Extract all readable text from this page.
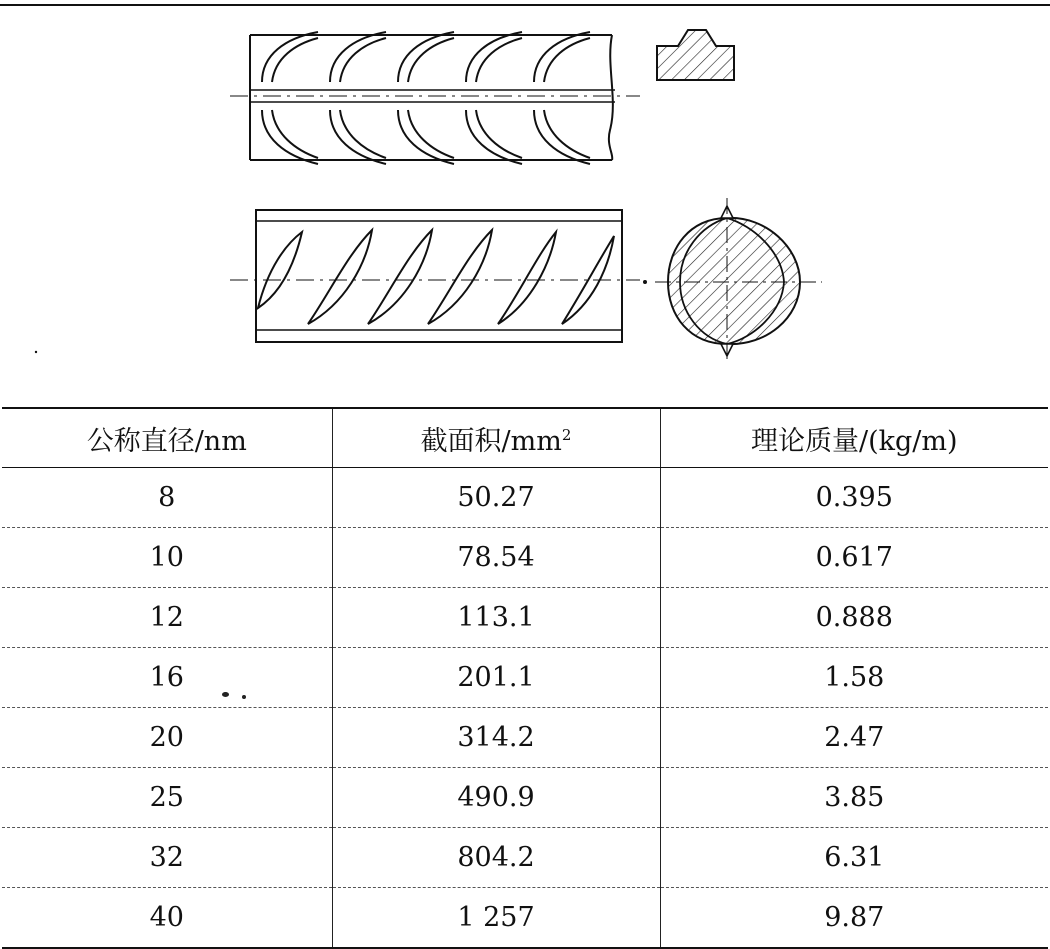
公称直径/nm	截面积$/mm^2$	理论质量/(kg/m)
8	50.27	0.395
10	78.54	0.617
12	113.1	0.888
16	201.1	1.58
20	314.2	2.47
25	490.9	3.85
32	804.2	6.31
40	1 257	9.87
